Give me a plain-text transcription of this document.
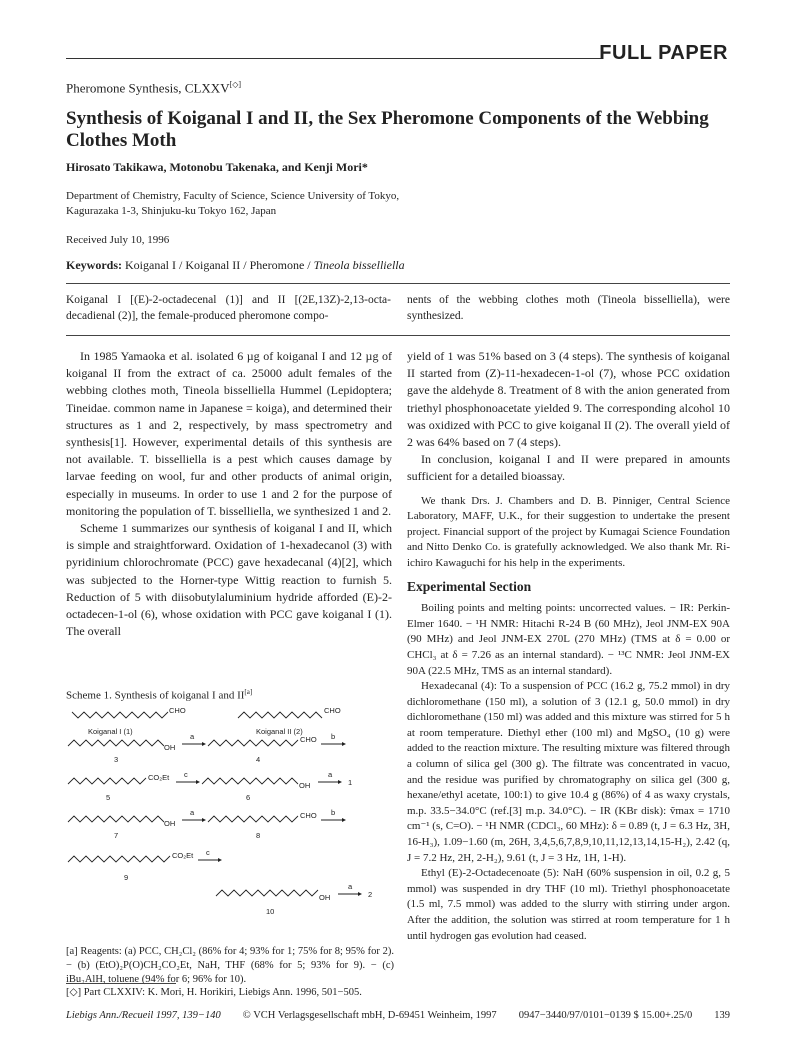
FULL PAPER
Pheromone Synthesis, CLXXV[◇]
Synthesis of Koiganal I and II, the Sex Pheromone Components of the Webbing Clothes Moth
Hirosato Takikawa, Motonobu Takenaka, and Kenji Mori*
Department of Chemistry, Faculty of Science, Science University of Tokyo,
Kagurazaka 1-3, Shinjuku-ku Tokyo 162, Japan
Received July 10, 1996
Keywords: Koiganal I / Koiganal II / Pheromone / Tineola bisselliella
Koiganal I [(E)-2-octadecenal (1)] and II [(2E,13Z)-2,13-octa-decadienal (2)], the female-produced pheromone compo-
nents of the webbing clothes moth (Tineola bisselliella), were synthesized.

In 1985 Yamaoka et al. isolated 6 µg of koiganal I and 12 µg of koiganal II from the extract of ca. 25000 adult females of the webbing clothes moth, Tineola bisselliella Hummel (Lepidoptera; Tineidae. common name in Japanese = koiga), and determined their structures as 1 and 2, respectively, by mass spectrometry and synthesis[1]. However, experimental details of this synthesis are not available. T. bisselliella is a pest which causes damage by larvae feeding on wool, fur and other products of animal origin, especially in museums. In order to use 1 and 2 for the purpose of monitoring the population of T. bisselliella, we synthesized 1 and 2.

Scheme 1 summarizes our synthesis of koiganal I and II, which is simple and straightforward. Oxidation of 1-hexadecanol (3) with pyridinium chlorochromate (PCC) gave hexadecanal (4)[2], which was subjected to the Horner-type Wittig reaction to furnish 5. Reduction of 5 with diisobutylaluminium hydride afforded (E)-2-octadecen-1-ol (6), whose oxidation with PCC gave koiganal I (1). The overall

yield of 1 was 51% based on 3 (4 steps). The synthesis of koiganal II started from (Z)-11-hexadecen-1-ol (7), whose PCC oxidation gave the aldehyde 8. Treatment of 8 with the anion generated from triethyl phosphonoacetate yielded 9. The corresponding alcohol 10 was oxidized with PCC to give koiganal II (2). The overall yield of 2 was 64% based on 7 (4 steps).

In conclusion, koiganal I and II were prepared in amounts sufficient for a detailed bioassay.

We thank Drs. J. Chambers and D. B. Pinniger, Central Science Laboratory, MAFF, U.K., for their suggestion to undertake the present project. Financial support of the project by Kumagai Science Foundation and Nitto Denko Co. is gratefully acknowledged. We also thank Mr. Ri-ichiro Kawaguchi for his help in the experiments.

Experimental Section

Boiling points and melting points: uncorrected values. − IR: Perkin-Elmer 1640. − ¹H NMR: Hitachi R-24 B (60 MHz), Jeol JNM-EX 90A (90 MHz) and Jeol JNM-EX 270L (270 MHz) (TMS at δ = 0.00 or CHCl₃ at δ = 7.26 as an internal standard). − ¹³C NMR: Jeol JNM-EX 90A (22.5 MHz, TMS as an internal standard).

Hexadecanal (4): To a suspension of PCC (16.2 g, 75.2 mmol) in dry dichloromethane (150 ml), a solution of 3 (12.1 g, 50.0 mmol) in dry dichloromethane (150 ml) was added and this mixture was stirred for 5 h at room temperature. Diethyl ether (100 ml) and MgSO₄ (10 g) were added to the reaction mixture. The resulting mixture was filtered through a column of silica gel (300 g). The filtrate was concentrated in vacuo, and the residue was purified by chromatography on silica gel (300 g, hexane/ethyl acetate, 100:1) to give 10.4 g (86%) of 4 as waxy crystals, m.p. 33.5−34.0°C (ref.[3] m.p. 34.0°C). − IR (KBr disk): ṽmax = 1710 cm⁻¹ (s, C=O). − ¹H NMR (CDCl₃, 60 MHz): δ = 0.89 (t, J = 6.3 Hz, 3H, 16-H₃), 1.09−1.60 (m, 26H, 3,4,5,6,7,8,9,10,11,12,13,14,15-H₂), 2.42 (q, J = 7.2 Hz, 2H, 2-H₂), 9.61 (t, J = 3 Hz, 1H, 1-H).

Ethyl (E)-2-Octadecenoate (5): NaH (60% suspension in oil, 0.2 g, 5 mmol) was suspended in dry THF (10 ml). Triethyl phosphonoacetate (1.5 ml, 7.5 mmol) was added to the slurry with stirring under argon. After the addition, the solution was stirred at room temperature for 1 h until hydrogen gas evolution had ceased.

Scheme 1. Synthesis of koiganal I and II[a]
CHO
Koiganal I (1)
CHO
Koiganal II (2)
OH
a
3
CHO b
4
CO₂Et c
5
OH
a
1
6
OH
a
7
CHO b
8
CO₂Et c
9
OH
a
2
10
[a] Reagents: (a) PCC, CH₂Cl₂ (86% for 4; 93% for 1; 75% for 8; 95% for 2). − (b) (EtO)₂P(O)CH₂CO₂Et, NaH, THF (68% for 5; 93% for 9). − (c) iBu₂AlH, toluene (94% for 6; 96% for 10).
[◇] Part CLXXIV: K. Mori, H. Horikiri, Liebigs Ann. 1996, 501−505.
Liebigs Ann./Recueil 1997, 139−140 © VCH Verlagsgesellschaft mbH, D-69451 Weinheim, 1997 0947−3440/97/0101−0139 $ 15.00+.25/0 139
